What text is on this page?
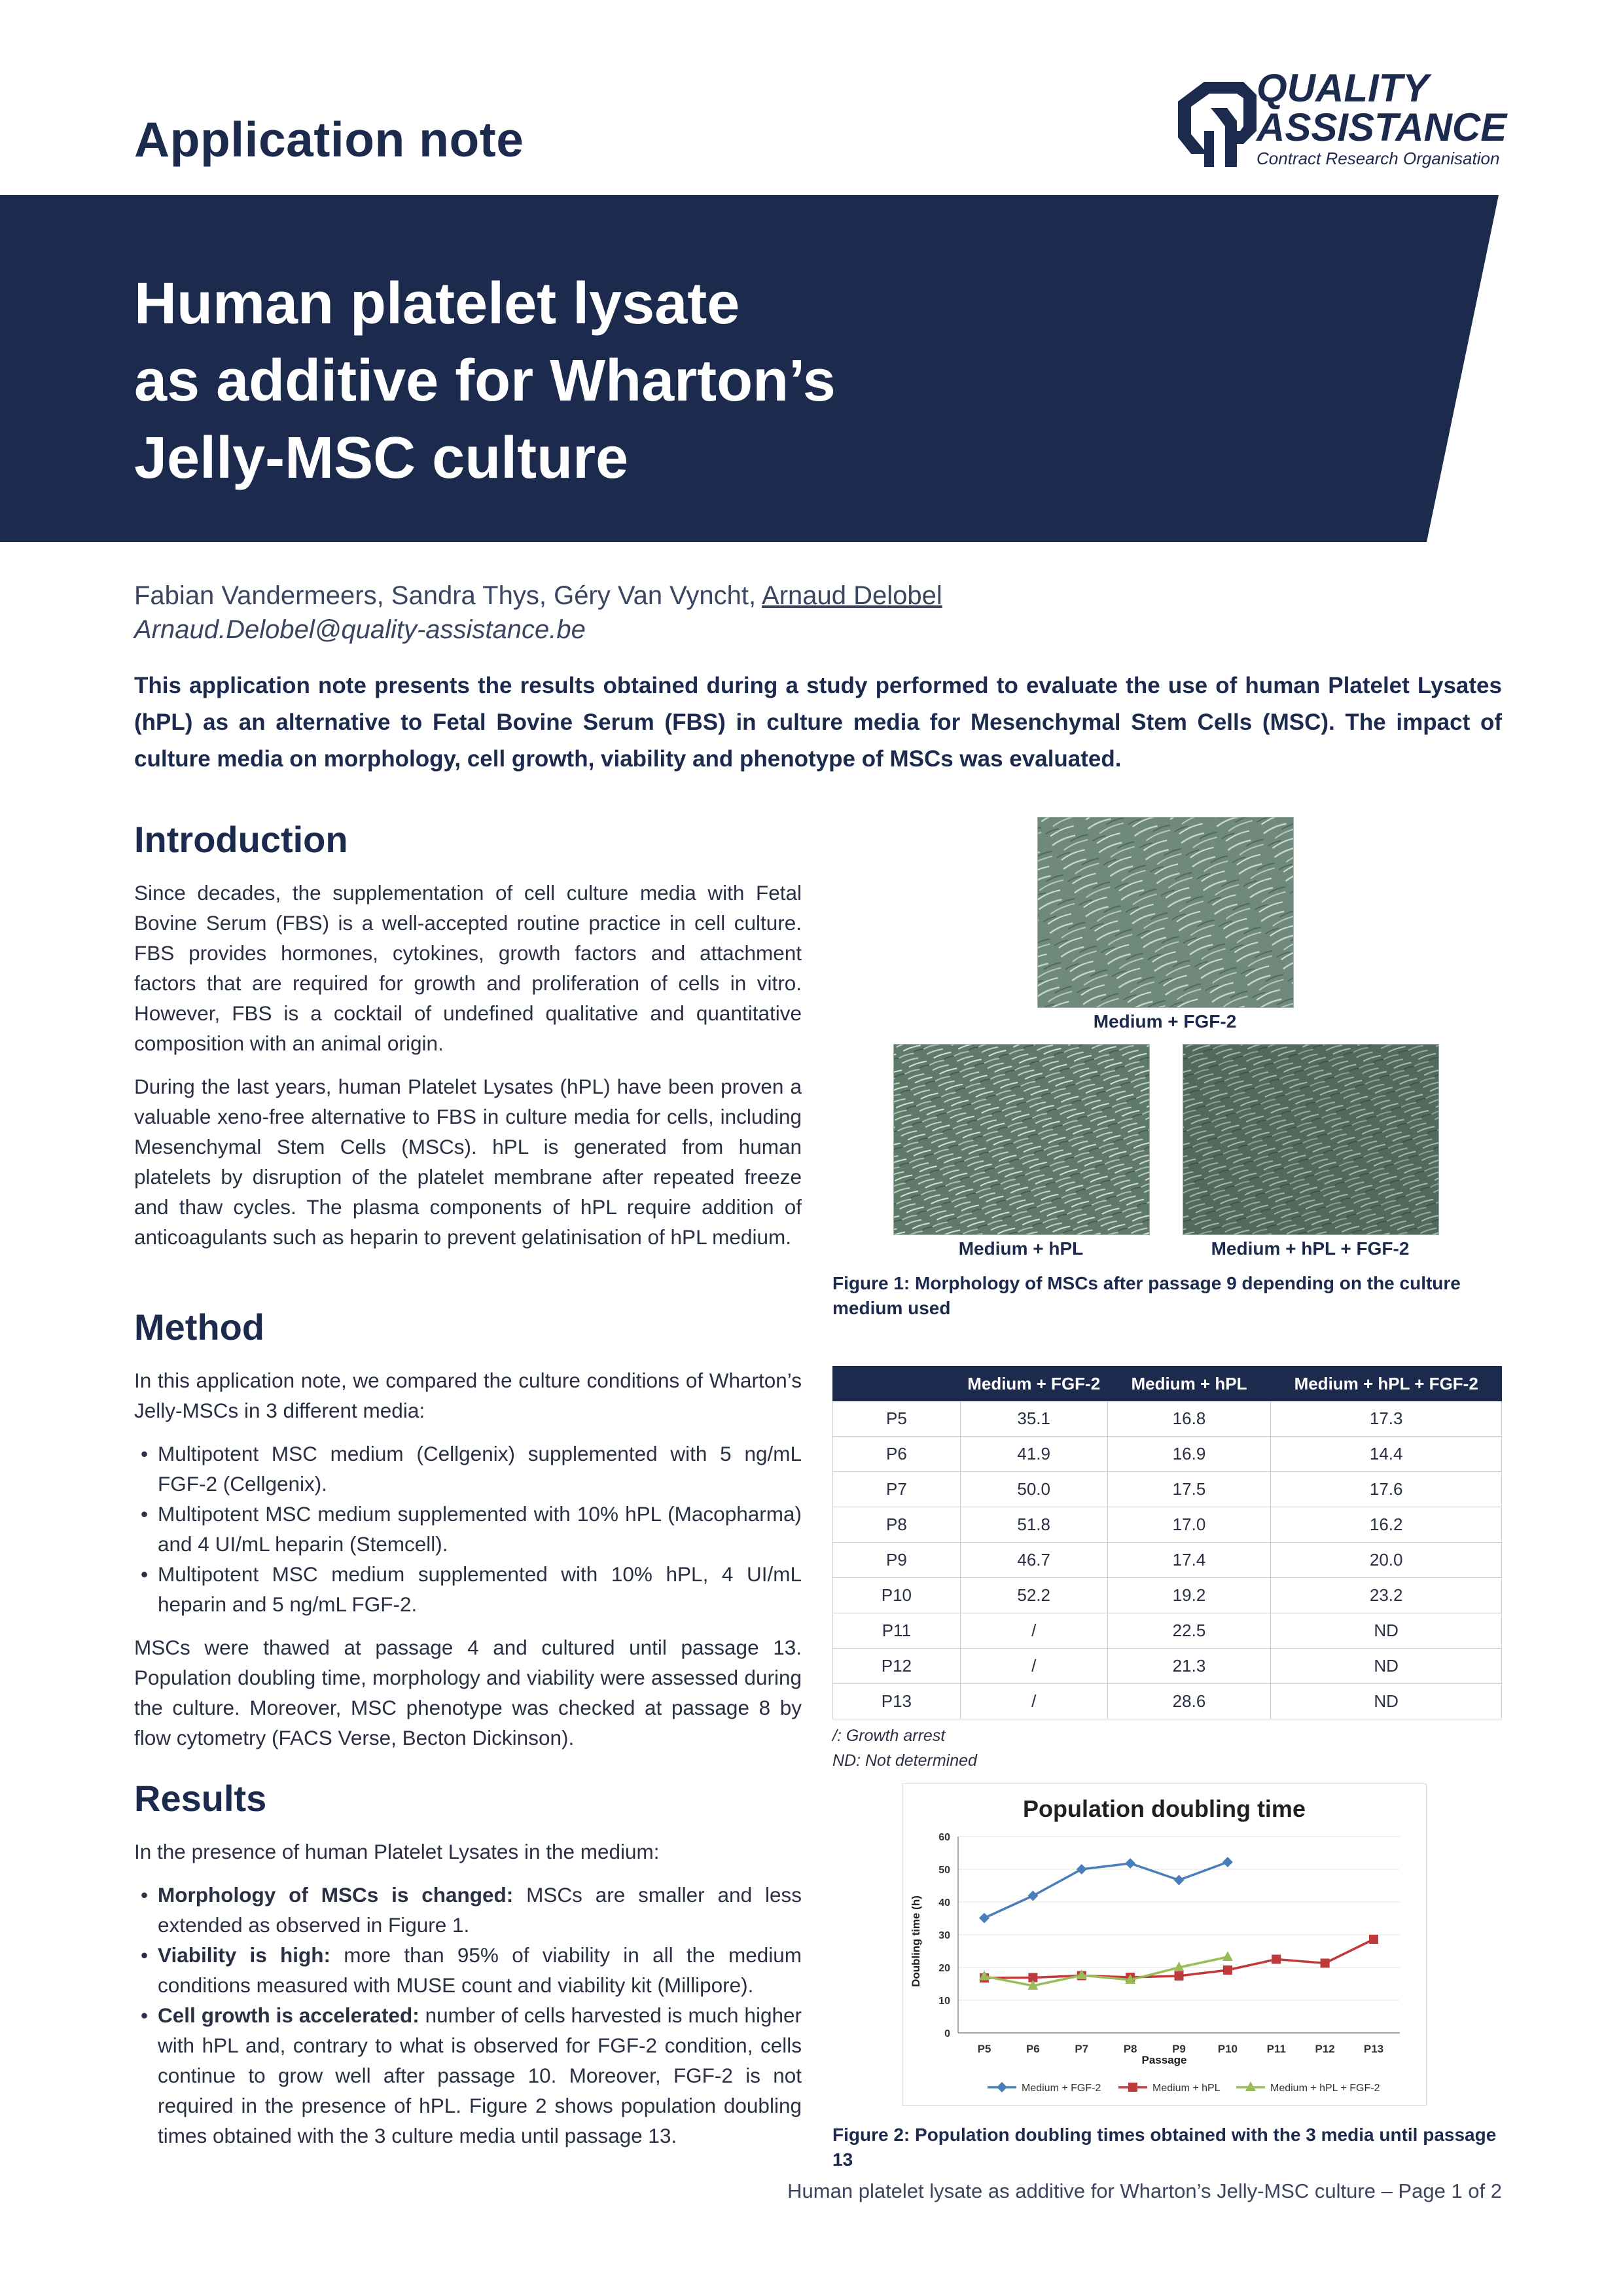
Application note
QUALITY
ASSISTANCE
Contract Research Organisation
Human platelet lysate
as additive for Wharton’s
Jelly-MSC culture
Fabian Vandermeers, Sandra Thys, Géry Van Vyncht, Arnaud Delobel
Arnaud.Delobel@quality-assistance.be
This application note presents the results obtained during a study performed to evaluate the use of human Platelet Lysates (hPL) as an alternative to Fetal Bovine Serum (FBS) in culture media for Mesenchymal Stem Cells (MSC). The impact of culture media on morphology, cell growth, viability and phenotype of MSCs was evaluated.
Introduction

Since decades, the supplementation of cell culture media with Fetal Bovine Serum (FBS) is a well-accepted routine practice in cell culture. FBS provides hormones, cytokines, growth factors and attachment factors that are required for growth and proliferation of cells in vitro. However, FBS is a cocktail of undefined qualitative and quantitative composition with an animal origin.

During the last years, human Platelet Lysates (hPL) have been proven a valuable xeno-free alternative to FBS in culture media for cells, including Mesenchymal Stem Cells (MSCs). hPL is generated from human platelets by disruption of the platelet membrane after repeated freeze and thaw cycles. The plasma components of hPL require addition of anticoagulants such as heparin to prevent gelatinisation of hPL medium.

Method

In this application note, we compared the culture conditions of Wharton’s Jelly-MSCs in 3 different media:

• Multipotent MSC medium (Cellgenix) supplemented with 5 ng/mL FGF-2 (Cellgenix).
• Multipotent MSC medium supplemented with 10% hPL (Macopharma) and 4 UI/mL heparin (Stemcell).
• Multipotent MSC medium supplemented with 10% hPL, 4 UI/mL heparin and 5 ng/mL FGF-2.

MSCs were thawed at passage 4 and cultured until passage 13. Population doubling time, morphology and viability were assessed during the culture. Moreover, MSC phenotype was checked at passage 8 by flow cytometry (FACS Verse, Becton Dickinson).

Results

In the presence of human Platelet Lysates in the medium:

• Morphology of MSCs is changed: MSCs are smaller and less extended as observed in Figure 1.
• Viability is high: more than 95% of viability in all the medium conditions measured with MUSE count and viability kit (Millipore).
• Cell growth is accelerated: number of cells harvested is much higher with hPL and, contrary to what is observed for FGF-2 condition, cells continue to grow well after passage 10. Moreover, FGF-2 is not required in the presence of hPL. Figure 2 shows population doubling times obtained with the 3 culture media until passage 13.
Medium + FGF-2
Medium + hPL	Medium + hPL + FGF-2
Figure 1: Morphology of MSCs after passage 9 depending on the culture medium used
	Medium + FGF-2	Medium + hPL	Medium + hPL + FGF-2
P5	35.1	16.8	17.3
P6	41.9	16.9	14.4
P7	50.0	17.5	17.6
P8	51.8	17.0	16.2
P9	46.7	17.4	20.0
P10	52.2	19.2	23.2
P11	/	22.5	ND
P12	/	21.3	ND
P13	/	28.6	ND
/: Growth arrest
ND: Not determined
Population doubling time
0
10
20
30
40
50
60
P5	P6	P7	P8	P9	P10	P11	P12	P13
Medium + FGF-2	Medium + hPL	Medium + hPL + FGF-2
Passage
Doubling time (h)
Figure 2: Population doubling times obtained with the 3 media until passage 13
Human platelet lysate as additive for Wharton’s Jelly-MSC culture – Page 1 of 2
